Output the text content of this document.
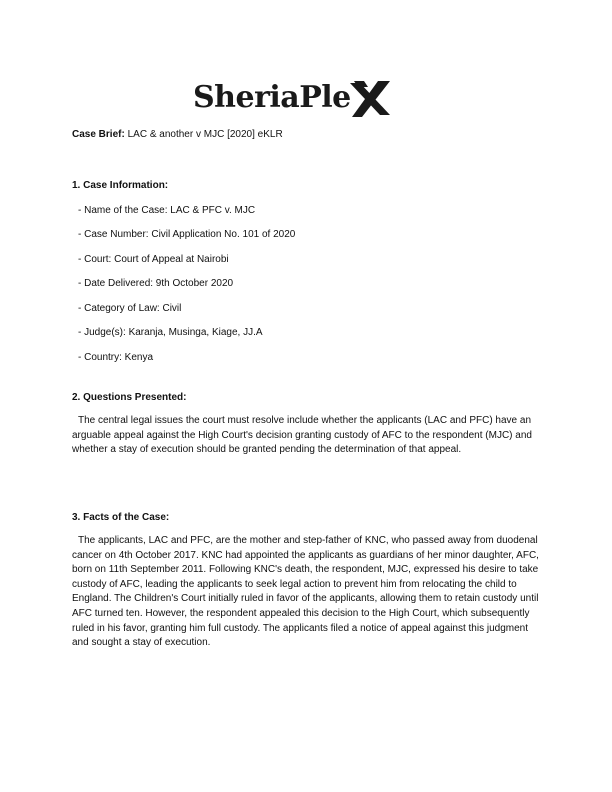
SheriaPle
Case Brief: LAC & another v MJC [2020] eKLR

1. Case Information:

- Name of the Case: LAC & PFC v. MJC
- Case Number: Civil Application No. 101 of 2020
- Court: Court of Appeal at Nairobi
- Date Delivered: 9th October 2020
- Category of Law: Civil
- Judge(s): Karanja, Musinga, Kiage, JJ.A
- Country: Kenya

2. Questions Presented:

The central legal issues the court must resolve include whether the applicants (LAC and PFC) have an arguable appeal against the High Court's decision granting custody of AFC to the respondent (MJC) and whether a stay of execution should be granted pending the determination of that appeal.

3. Facts of the Case:

The applicants, LAC and PFC, are the mother and step-father of KNC, who passed away from duodenal cancer on 4th October 2017. KNC had appointed the applicants as guardians of her minor daughter, AFC, born on 11th September 2011. Following KNC's death, the respondent, MJC, expressed his desire to take custody of AFC, leading the applicants to seek legal action to prevent him from relocating the child to England. The Children's Court initially ruled in favor of the applicants, allowing them to retain custody until AFC turned ten. However, the respondent appealed this decision to the High Court, which subsequently ruled in his favor, granting him full custody. The applicants filed a notice of appeal against this judgment and sought a stay of execution.
